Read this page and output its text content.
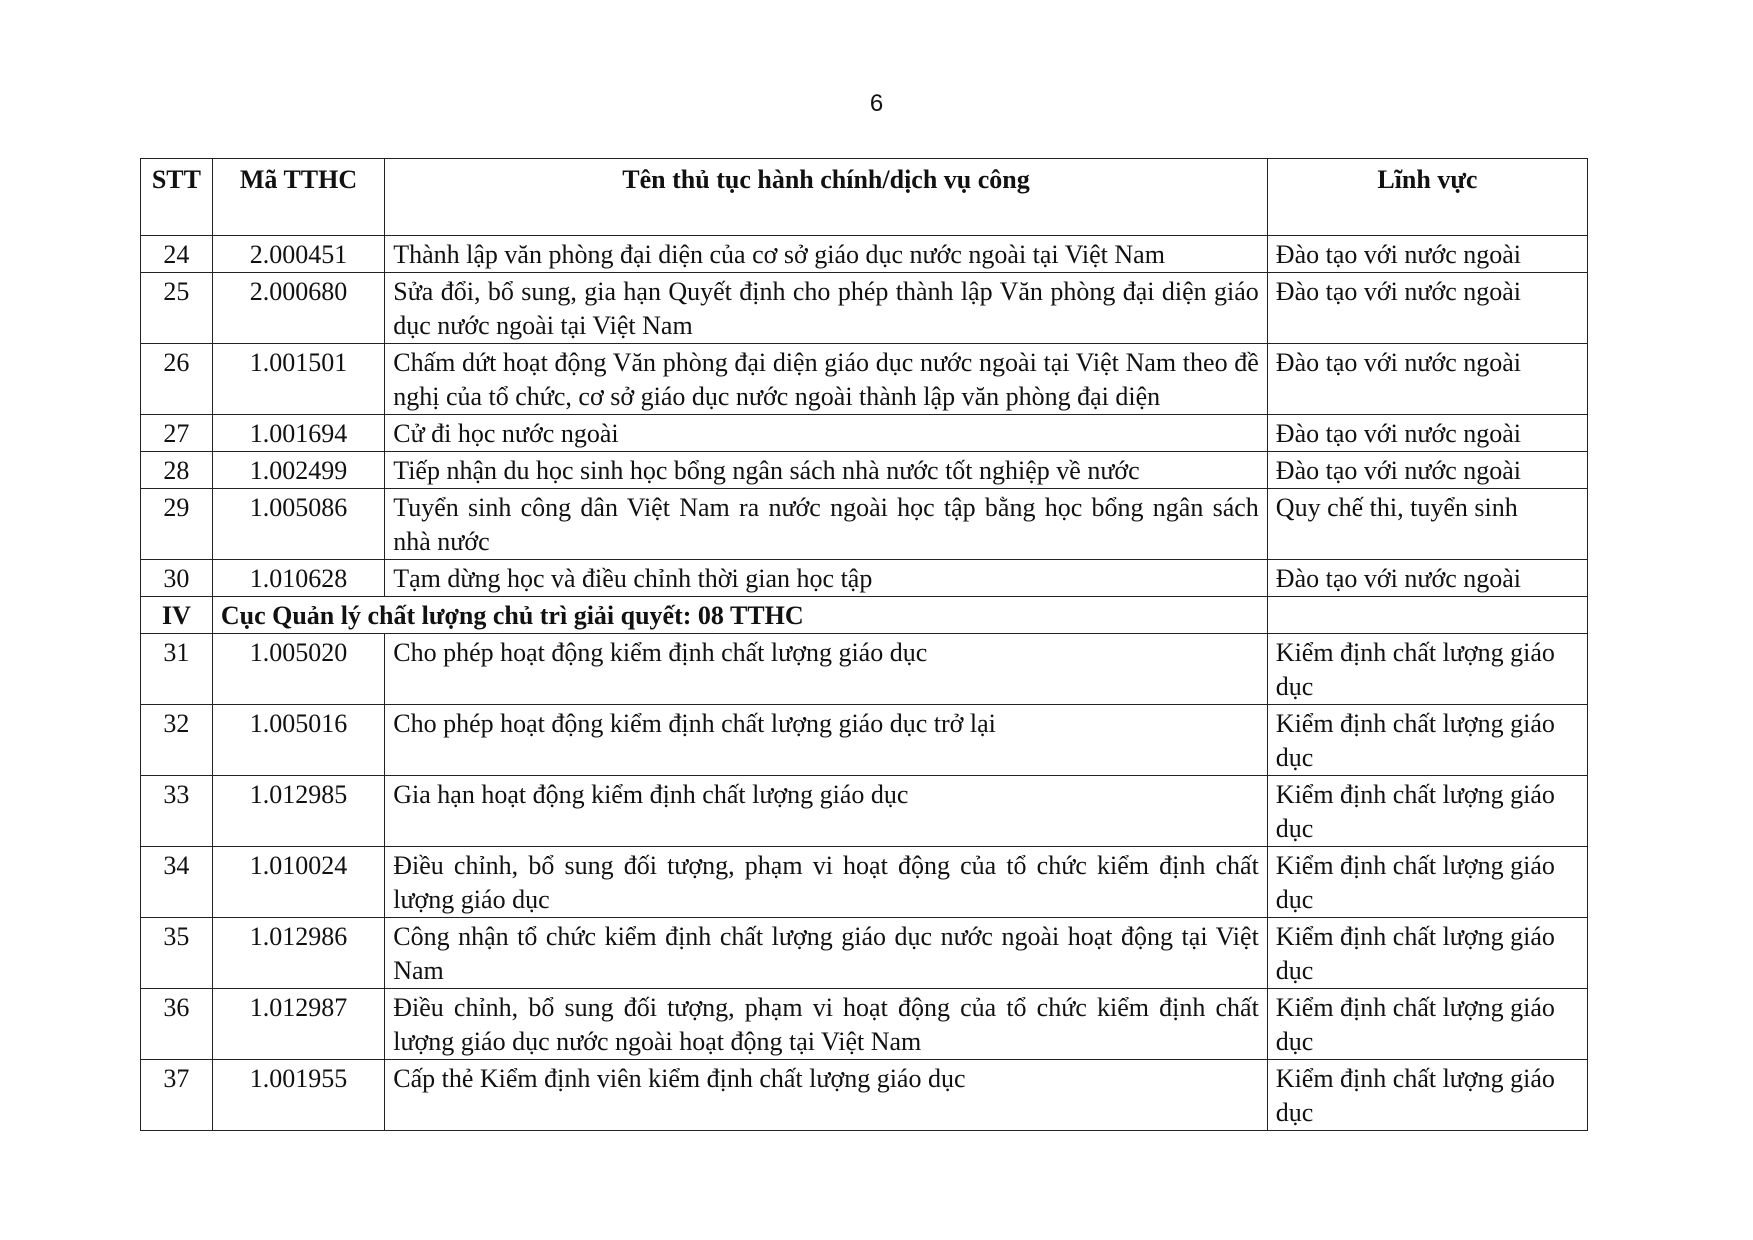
6
STT	Mã TTHC	Tên thủ tục hành chính/dịch vụ công	Lĩnh vực
24	2.000451	Thành lập văn phòng đại diện của cơ sở giáo dục nước ngoài tại Việt Nam	Đào tạo với nước ngoài
25	2.000680	Sửa đổi, bổ sung, gia hạn Quyết định cho phép thành lập Văn phòng đại diện giáo dục nước ngoài tại Việt Nam	Đào tạo với nước ngoài
26	1.001501	Chấm dứt hoạt động Văn phòng đại diện giáo dục nước ngoài tại Việt Nam theo đề nghị của tổ chức, cơ sở giáo dục nước ngoài thành lập văn phòng đại diện	Đào tạo với nước ngoài
27	1.001694	Cử đi học nước ngoài	Đào tạo với nước ngoài
28	1.002499	Tiếp nhận du học sinh học bổng ngân sách nhà nước tốt nghiệp về nước	Đào tạo với nước ngoài
29	1.005086	Tuyển sinh công dân Việt Nam ra nước ngoài học tập bằng học bổng ngân sách nhà nước	Quy chế thi, tuyển sinh
30	1.010628	Tạm dừng học và điều chỉnh thời gian học tập	Đào tạo với nước ngoài
IV	Cục Quản lý chất lượng chủ trì giải quyết: 08 TTHC		
31	1.005020	Cho phép hoạt động kiểm định chất lượng giáo dục	Kiểm định chất lượng giáo dục
32	1.005016	Cho phép hoạt động kiểm định chất lượng giáo dục trở lại	Kiểm định chất lượng giáo dục
33	1.012985	Gia hạn hoạt động kiểm định chất lượng giáo dục	Kiểm định chất lượng giáo dục
34	1.010024	Điều chỉnh, bổ sung đối tượng, phạm vi hoạt động của tổ chức kiểm định chất lượng giáo dục	Kiểm định chất lượng giáo dục
35	1.012986	Công nhận tổ chức kiểm định chất lượng giáo dục nước ngoài hoạt động tại Việt Nam	Kiểm định chất lượng giáo dục
36	1.012987	Điều chỉnh, bổ sung đối tượng, phạm vi hoạt động của tổ chức kiểm định chất lượng giáo dục nước ngoài hoạt động tại Việt Nam	Kiểm định chất lượng giáo dục
37	1.001955	Cấp thẻ Kiểm định viên kiểm định chất lượng giáo dục	Kiểm định chất lượng giáo dục
